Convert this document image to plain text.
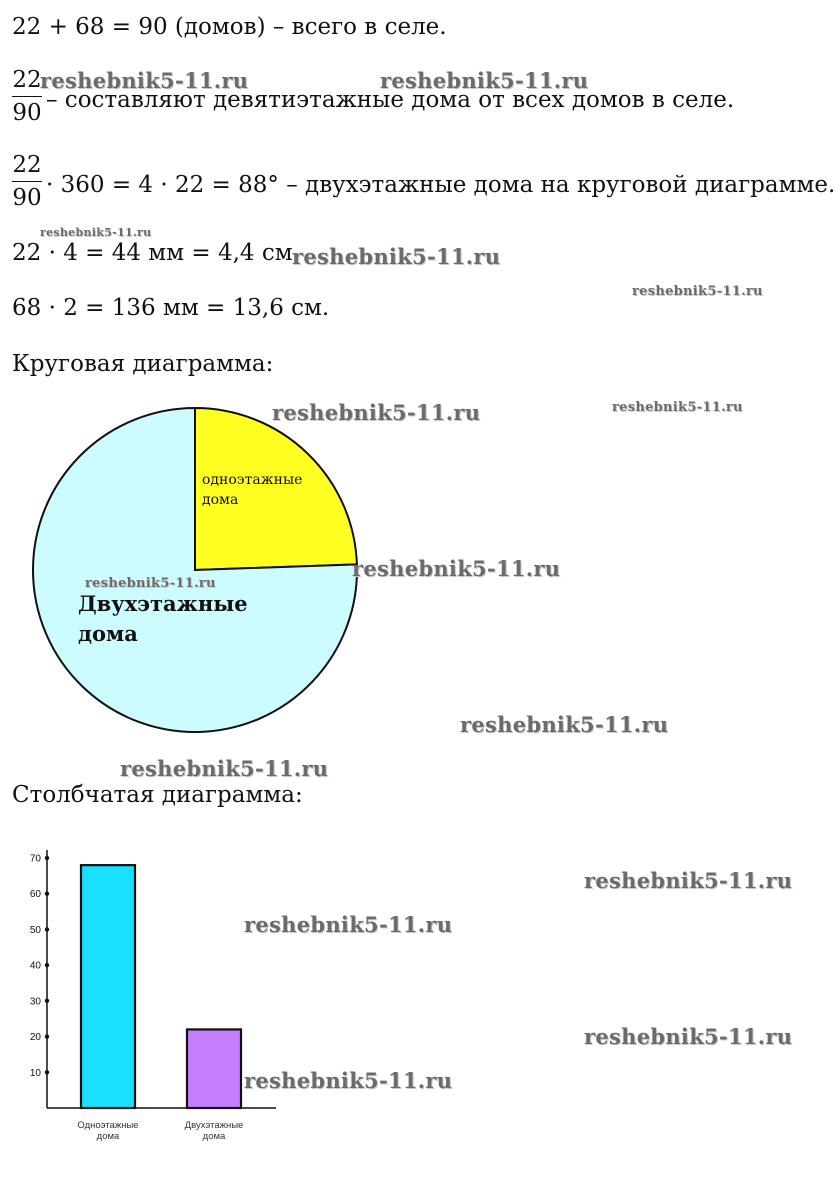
22 + 68 = 90 (домов) – всего в селе.
22
90 – составляют девятиэтажные дома от всех домов в селе.
22
90 · 360 = 4 · 22 = 88° – двухэтажные дома на круговой диаграмме.
22 · 4 = 44 мм = 4,4 см.
68 · 2 = 136 мм = 13,6 см.
Круговая диаграмма:
Столбчатая диаграмма:
одноэтажные
дома
Двухэтажные
дома
10
20
30
40
50
60
70
Одноэтажные
дома
Двухэтажные
дома
reshebnik5-11.ru	reshebnik5-11.ru
reshebnik5-11.ru
reshebnik5-11.ru
reshebnik5-11.ru
reshebnik5-11.ru	reshebnik5-11.ru
reshebnik5-11.ru
reshebnik5-11.ru
reshebnik5-11.ru
reshebnik5-11.ru
reshebnik5-11.ru
reshebnik5-11.ru
reshebnik5-11.ru
reshebnik5-11.ru
